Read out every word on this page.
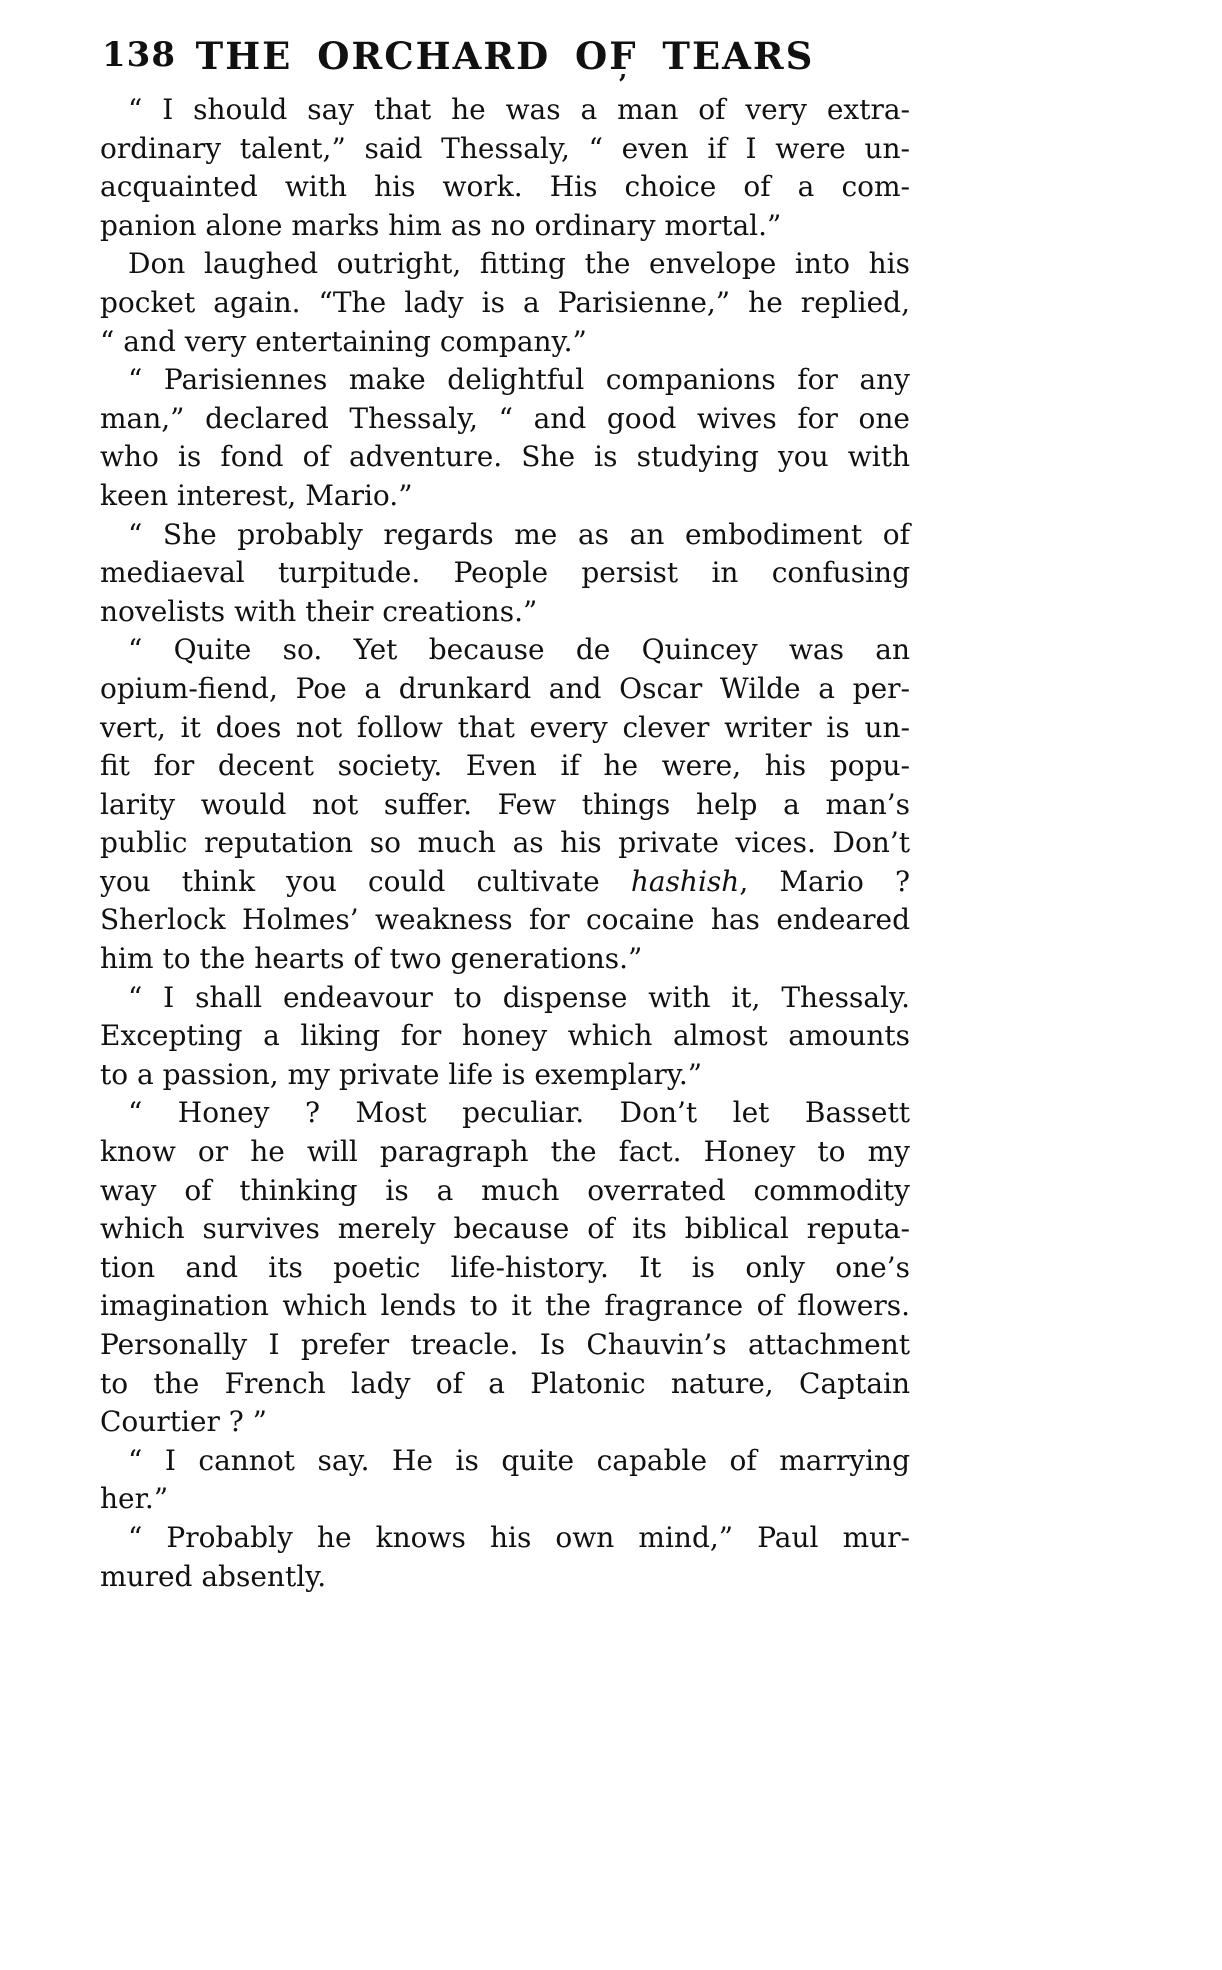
138 THE ORCHARD OF TEARS
’
“ I should say that he was a man of very extra-
ordinary talent,” said Thessaly, “ even if I were un-
acquainted with his work. His choice of a com-
panion alone marks him as no ordinary mortal.”
Don laughed outright, fitting the envelope into his
pocket again. “The lady is a Parisienne,” he replied,
“ and very entertaining company.”
“ Parisiennes make delightful companions for any
man,” declared Thessaly, “ and good wives for one
who is fond of adventure. She is studying you with
keen interest, Mario.”
“ She probably regards me as an embodiment of
mediaeval turpitude. People persist in confusing
novelists with their creations.”
“ Quite so. Yet because de Quincey was an
opium-fiend, Poe a drunkard and Oscar Wilde a per-
vert, it does not follow that every clever writer is un-
fit for decent society. Even if he were, his popu-
larity would not suffer. Few things help a man’s
public reputation so much as his private vices. Don’t
you think you could cultivate hashish, Mario ?
Sherlock Holmes’ weakness for cocaine has endeared
him to the hearts of two generations.”
“ I shall endeavour to dispense with it, Thessaly.
Excepting a liking for honey which almost amounts
to a passion, my private life is exemplary.”
“ Honey ? Most peculiar. Don’t let Bassett
know or he will paragraph the fact. Honey to my
way of thinking is a much overrated commodity
which survives merely because of its biblical reputa-
tion and its poetic life-history. It is only one’s
imagination which lends to it the fragrance of flowers.
Personally I prefer treacle. Is Chauvin’s attachment
to the French lady of a Platonic nature, Captain
Courtier ? ”
“ I cannot say. He is quite capable of marrying
her.”
“ Probably he knows his own mind,” Paul mur-
mured absently.
